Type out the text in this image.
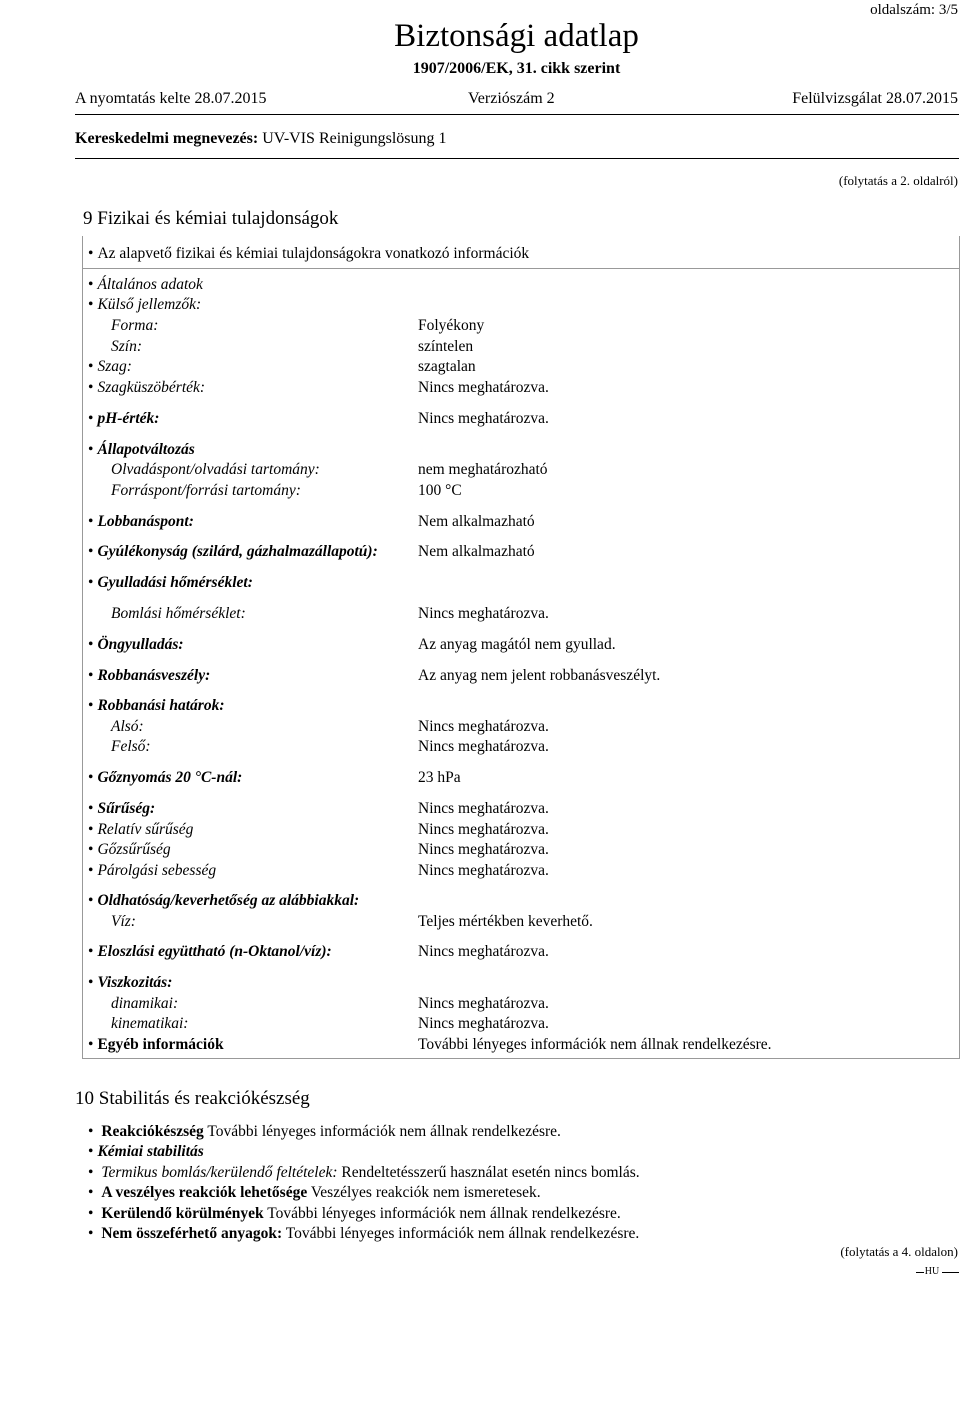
oldalszám: 3/5
Biztonsági adatlap
1907/2006/EK, 31. cikk szerint
A nyomtatás kelte 28.07.2015	Verziószám 2	Felülvizsgálat 28.07.2015
Kereskedelmi megnevezés: UV-VIS Reinigungslösung 1
(folytatás a 2. oldalról)
9 Fizikai és kémiai tulajdonságok
• Az alapvető fizikai és kémiai tulajdonságokra vonatkozó információk
• Általános adatok
• Külső jellemzők:
Forma:	Folyékony
Szín:	színtelen
• Szag:	szagtalan
• Szagküszöbérték:	Nincs meghatározva.
• pH-érték:	Nincs meghatározva.
• Állapotváltozás
Olvadáspont/olvadási tartomány:	nem meghatározható
Forráspont/forrási tartomány:	100 °C
• Lobbanáspont:	Nem alkalmazható
• Gyúlékonyság (szilárd, gázhalmazállapotú):	Nem alkalmazható
• Gyulladási hőmérséklet:
Bomlási hőmérséklet:	Nincs meghatározva.
• Öngyulladás:	Az anyag magától nem gyullad.
• Robbanásveszély:	Az anyag nem jelent robbanásveszélyt.
• Robbanási határok:
Alsó:	Nincs meghatározva.
Felső:	Nincs meghatározva.
• Gőznyomás 20 °C-nál:	23 hPa
• Sűrűség:	Nincs meghatározva.
• Relatív sűrűség	Nincs meghatározva.
• Gőzsűrűség	Nincs meghatározva.
• Párolgási sebesség	Nincs meghatározva.
• Oldhatóság/keverhetőség az alábbiakkal:
Víz:	Teljes mértékben keverhető.
• Eloszlási együttható (n-Oktanol/víz):	Nincs meghatározva.
• Viszkozitás:
dinamikai:	Nincs meghatározva.
kinematikai:	Nincs meghatározva.
• Egyéb információk	További lényeges információk nem állnak rendelkezésre.
10 Stabilitás és reakciókészség
• Reakciókészség További lényeges információk nem állnak rendelkezésre.
• Kémiai stabilitás
• Termikus bomlás/kerülendő feltételek: Rendeltetésszerű használat esetén nincs bomlás.
• A veszélyes reakciók lehetősége Veszélyes reakciók nem ismeretesek.
• Kerülendő körülmények További lényeges információk nem állnak rendelkezésre.
• Nem összeférhető anyagok: További lényeges információk nem állnak rendelkezésre.
(folytatás a 4. oldalon)
HU
